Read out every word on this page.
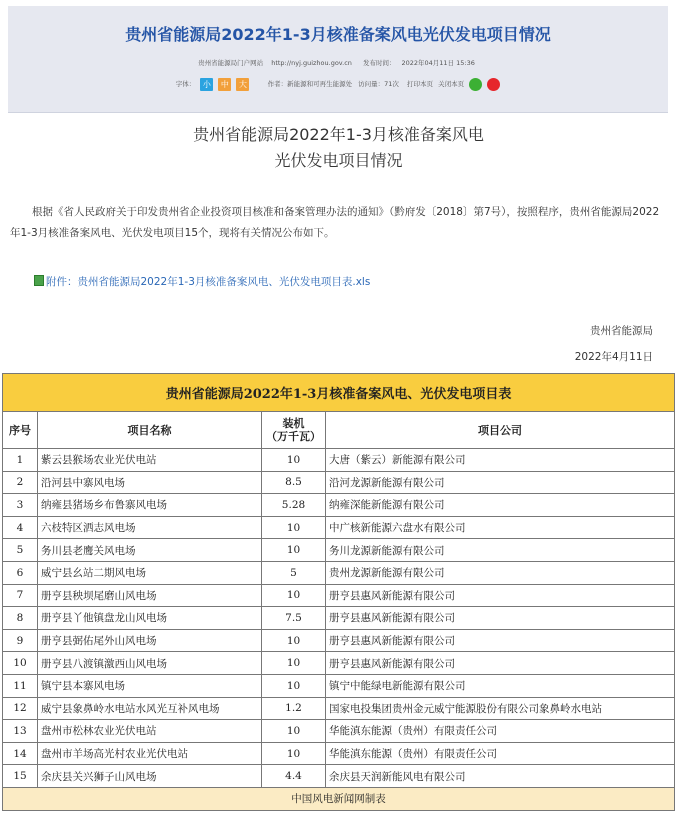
贵州省能源局2022年1-3月核准备案风电光伏发电项目情况
贵州省能源局门户网站 http://nyj.guizhou.gov.cn 发布时间： 2022年04月11日 15:36
字体： 小 中 大	作者：新能源和可再生能源处 访问量：71次 打印本页 关闭本页
贵州省能源局2022年1-3月核准备案风电
光伏发电项目情况
根据《省人民政府关于印发贵州省企业投资项目核准和备案管理办法的通知》（黔府发〔2018〕第7号），按照程序，贵州省能源局2022年1-3月核准备案风电、光伏发电项目15个，现将有关情况公布如下。
附件：贵州省能源局2022年1-3月核准备案风电、光伏发电项目表.xls
贵州省能源局
2022年4月11日
贵州省能源局2022年1-3月核准备案风电、光伏发电项目表			
序号	项目名称	装机
（万千瓦）	项目公司
1	紫云县猴场农业光伏电站	10	大唐（紫云）新能源有限公司
2	沿河县中寨风电场	8.5	沿河龙源新能源有限公司
3	纳雍县猪场乡布鲁寨风电场	5.28	纳雍深能新能源有限公司
4	六枝特区洒志风电场	10	中广核新能源六盘水有限公司
5	务川县老鹰关风电场	10	务川龙源新能源有限公司
6	威宁县幺站二期风电场	5	贵州龙源新能源有限公司
7	册亨县秧坝尾磨山风电场	10	册亨县惠风新能源有限公司
8	册亨县丫他镇盘龙山风电场	7.5	册亨县惠风新能源有限公司
9	册亨县弼佑尾外山风电场	10	册亨县惠风新能源有限公司
10	册亨县八渡镇激西山风电场	10	册亨县惠风新能源有限公司
11	镇宁县本寨风电场	10	镇宁中能绿电新能源有限公司
12	威宁县象鼻岭水电站水风光互补风电场	1.2	国家电投集团贵州金元威宁能源股份有限公司象鼻岭水电站
13	盘州市松林农业光伏电站	10	华能滇东能源（贵州）有限责任公司
14	盘州市羊场高光村农业光伏电站	10	华能滇东能源（贵州）有限责任公司
15	余庆县关兴狮子山风电场	4.4	余庆县天润新能风电有限公司
中国风电新闻网制表			
